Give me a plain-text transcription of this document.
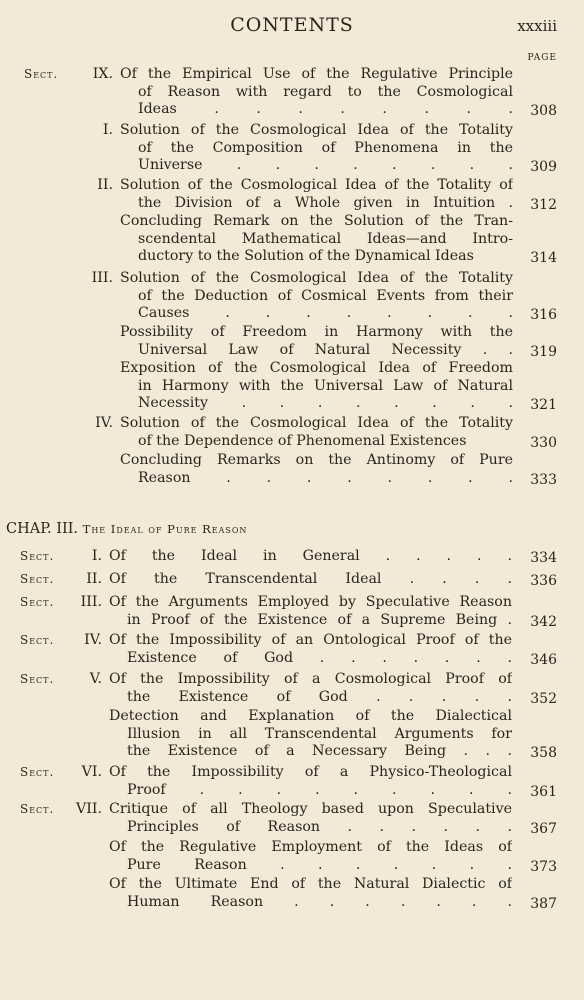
CONTENTS	xxxiii
PAGE
Sect.	IX. Of the Empirical Use of the Regulative Principle
of Reason with regard to the Cosmological
Ideas . . . . . . . . 308
I. Solution of the Cosmological Idea of the Totality
of the Composition of Phenomena in the
Universe . . . . . . . . 309
II. Solution of the Cosmological Idea of the Totality of
the Division of a Whole given in Intuition . 312
Concluding Remark on the Solution of the Tran-
scendental Mathematical Ideas—and Intro-
ductory to the Solution of the Dynamical Ideas	314
III. Solution of the Cosmological Idea of the Totality
of the Deduction of Cosmical Events from their
Causes . . . . . . . . 316
Possibility of Freedom in Harmony with the
Universal Law of Natural Necessity . . 319
Exposition of the Cosmological Idea of Freedom
in Harmony with the Universal Law of Natural
Necessity . . . . . . . . 321
IV. Solution of the Cosmological Idea of the Totality
of the Dependence of Phenomenal Existences	330
Concluding Remarks on the Antinomy of Pure
Reason . . . . . . . . 333
CHAP. III. The Ideal of Pure Reason
Sect.	I. Of the Ideal in General . . . . . 334
Sect.	II. Of the Transcendental Ideal . . . . 336
Sect.	III. Of the Arguments Employed by Speculative Reason
in Proof of the Existence of a Supreme Being . 342
Sect.	IV. Of the Impossibility of an Ontological Proof of the
Existence of God . . . . . . . 346
Sect.	V. Of the Impossibility of a Cosmological Proof of
the Existence of God . . . . . 352
Detection and Explanation of the Dialectical
Illusion in all Transcendental Arguments for
the Existence of a Necessary Being . . . 358
Sect.	VI. Of the Impossibility of a Physico-Theological
Proof . . . . . . . . . 361
Sect.	VII. Critique of all Theology based upon Speculative
Principles of Reason . . . . . . 367
Of the Regulative Employment of the Ideas of
Pure Reason . . . . . . . 373
Of the Ultimate End of the Natural Dialectic of
Human Reason . . . . . . . 387
